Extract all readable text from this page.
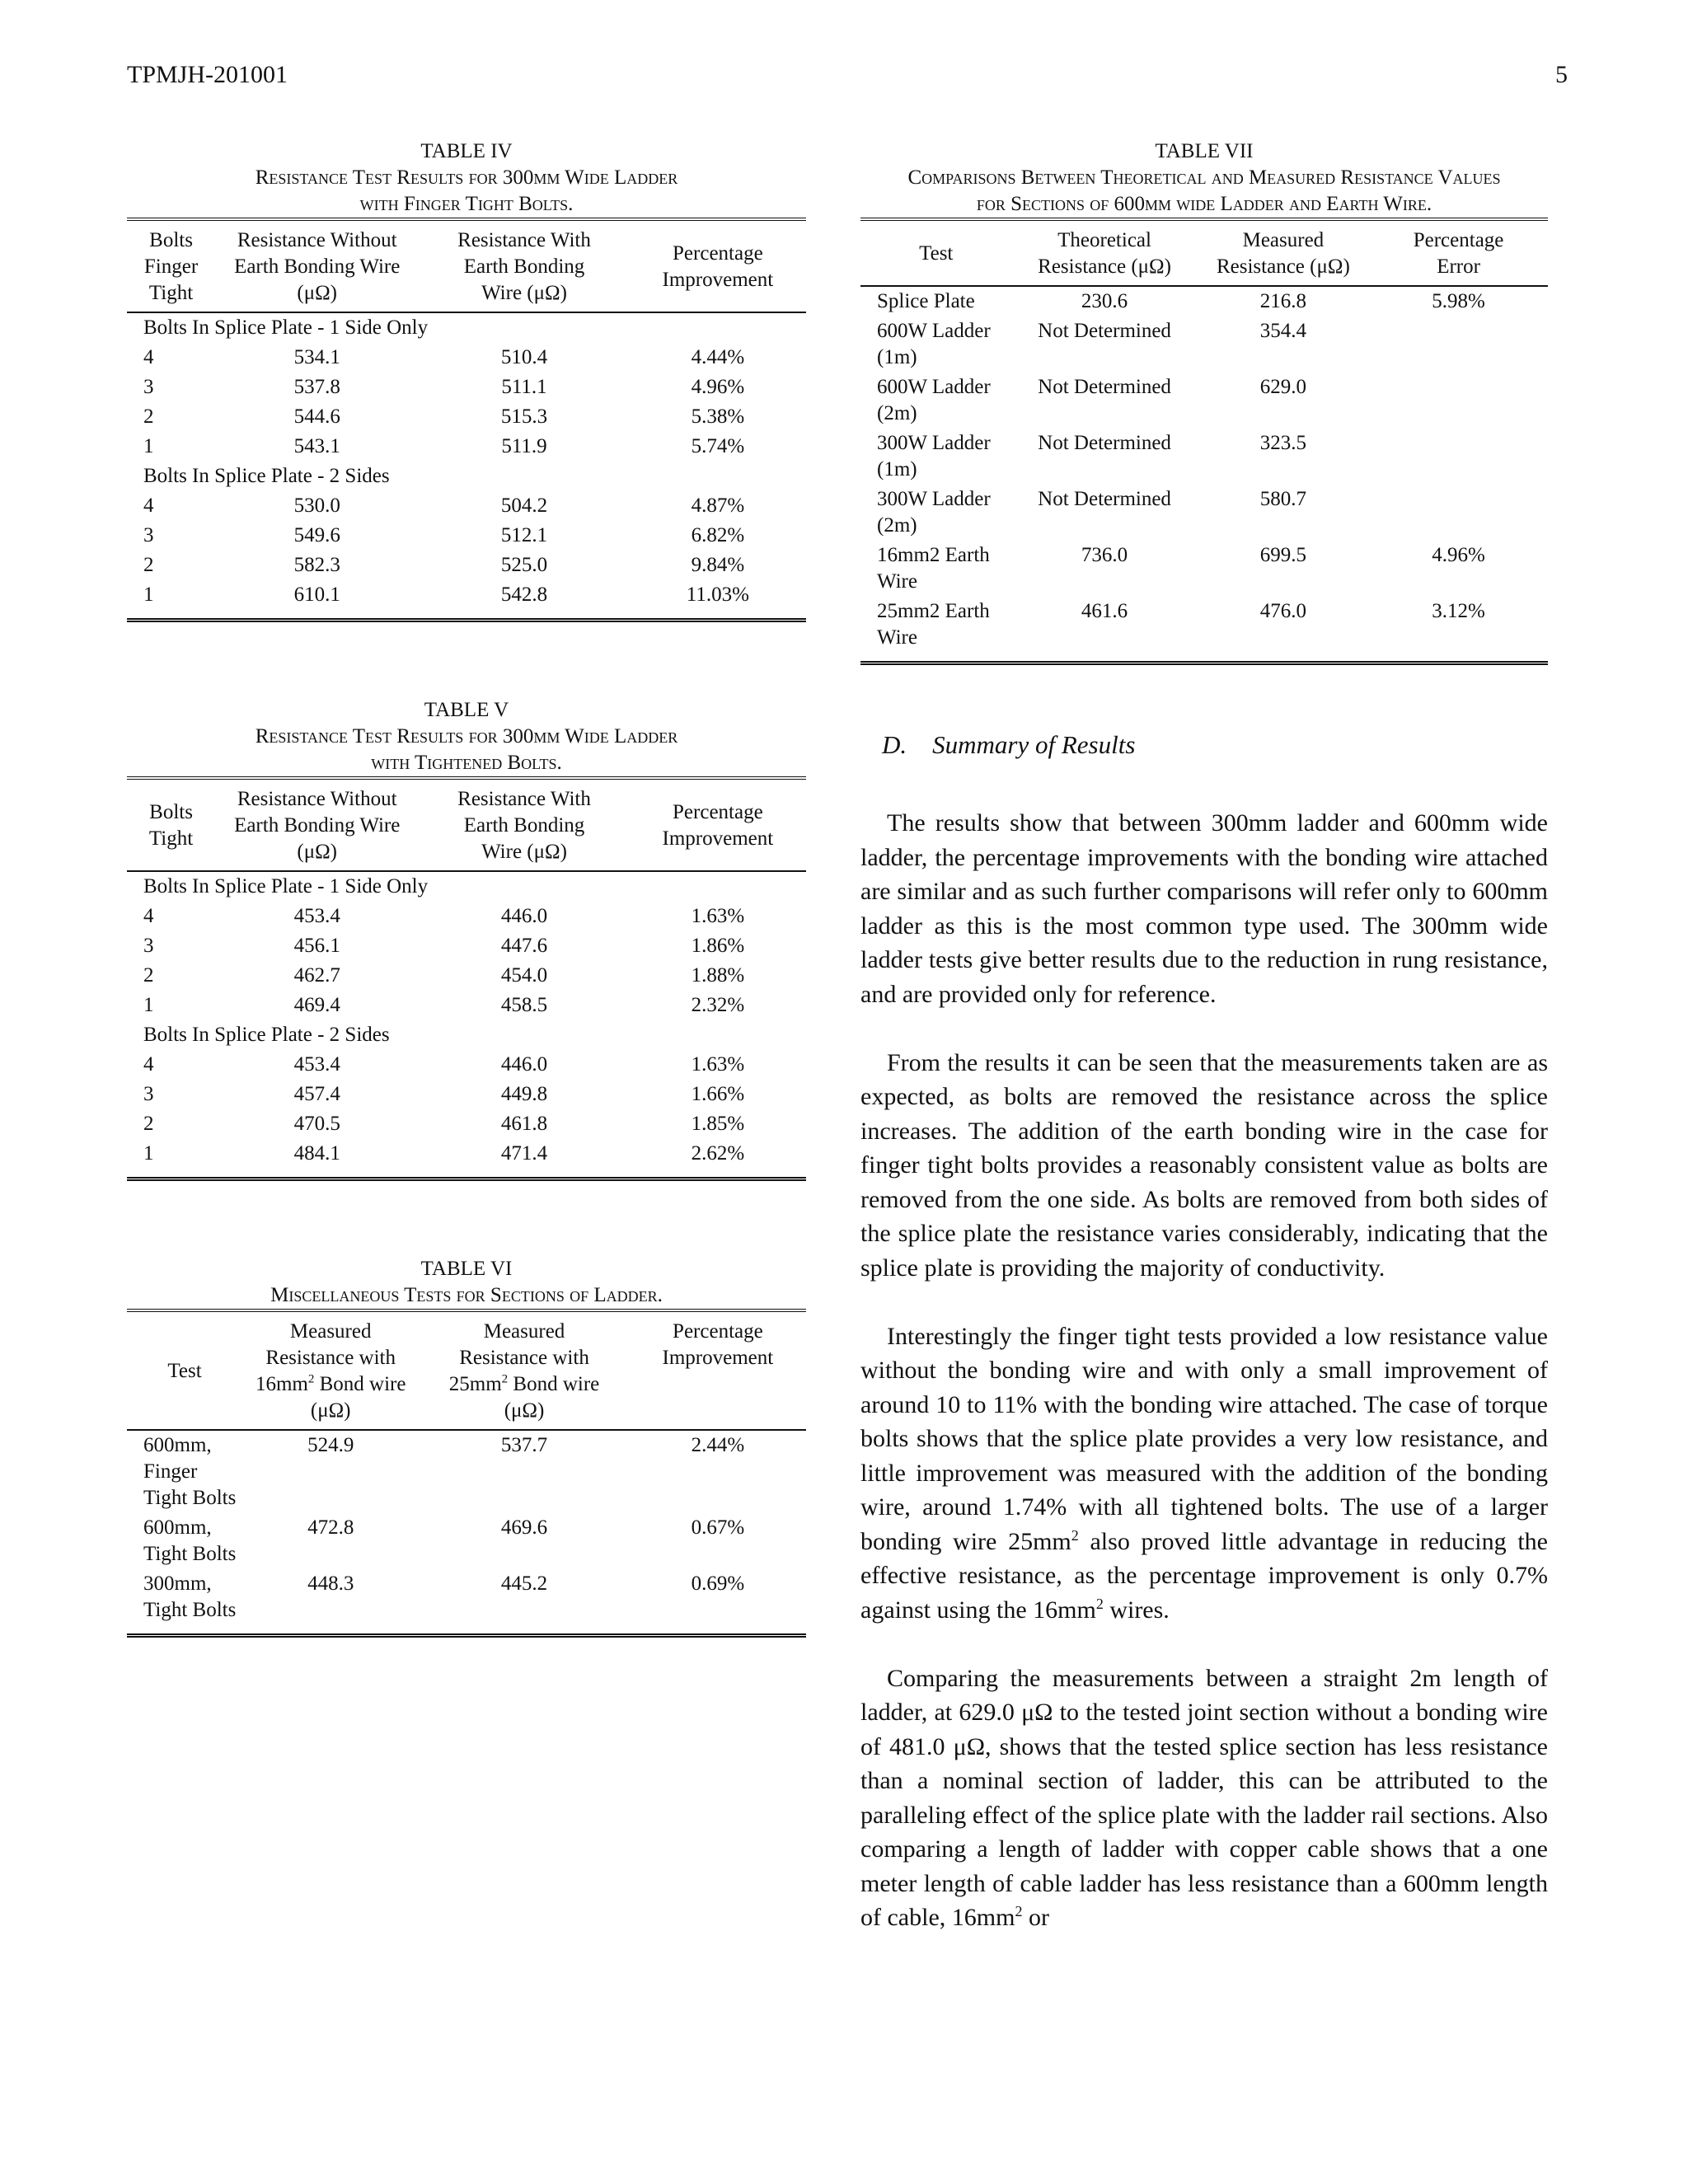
TPMJH-201001	5
TABLE IV
Resistance Test Results for 300mm Wide Ladder
with Finger Tight Bolts.
Bolts
Finger
Tight	Resistance Without
Earth Bonding Wire
(μΩ)	Resistance With
Earth Bonding
Wire (μΩ)	Percentage
Improvement
Bolts In Splice Plate - 1 Side Only			
4	534.1	510.4	4.44%
3	537.8	511.1	4.96%
2	544.6	515.3	5.38%
1	543.1	511.9	5.74%
Bolts In Splice Plate - 2 Sides			
4	530.0	504.2	4.87%
3	549.6	512.1	6.82%
2	582.3	525.0	9.84%
1	610.1	542.8	11.03%
TABLE V
Resistance Test Results for 300mm Wide Ladder
with Tightened Bolts.
Bolts
Tight	Resistance Without
Earth Bonding Wire
(μΩ)	Resistance With
Earth Bonding
Wire (μΩ)	Percentage
Improvement
Bolts In Splice Plate - 1 Side Only			
4	453.4	446.0	1.63%
3	456.1	447.6	1.86%
2	462.7	454.0	1.88%
1	469.4	458.5	2.32%
Bolts In Splice Plate - 2 Sides			
4	453.4	446.0	1.63%
3	457.4	449.8	1.66%
2	470.5	461.8	1.85%
1	484.1	471.4	2.62%
TABLE VI
Miscellaneous Tests for Sections of Ladder.
Test	Measured
Resistance with
$16mm^2$ Bond wire
(μΩ)	Measured
Resistance with
$25mm^2$ Bond wire
(μΩ)	Percentage
Improvement
600mm,
Finger
Tight Bolts	524.9	537.7	2.44%
600mm,
Tight Bolts	472.8	469.6	0.67%
300mm,
Tight Bolts	448.3	445.2	0.69%
TABLE VII
Comparisons Between Theoretical and Measured Resistance Values
for Sections of 600mm wide Ladder and Earth Wire.
Test	Theoretical
Resistance (μΩ)	Measured
Resistance (μΩ)	Percentage
Error
Splice Plate	230.6	216.8	5.98%
600W Ladder
(1m)	Not Determined	354.4	
600W Ladder
(2m)	Not Determined	629.0	
300W Ladder
(1m)	Not Determined	323.5	
300W Ladder
(2m)	Not Determined	580.7	
16mm2 Earth
Wire	736.0	699.5	4.96%
25mm2 Earth
Wire	461.6	476.0	3.12%
D. Summary of Results

The results show that between 300mm ladder and 600mm wide ladder, the percentage improvements with the bonding wire attached are similar and as such further comparisons will refer only to 600mm ladder as this is the most common type used. The 300mm wide ladder tests give better results due to the reduction in rung resistance, and are provided only for reference.

From the results it can be seen that the measurements taken are as expected, as bolts are removed the resistance across the splice increases. The addition of the earth bonding wire in the case for finger tight bolts provides a reasonably consistent value as bolts are removed from the one side. As bolts are removed from both sides of the splice plate the resistance varies considerably, indicating that the splice plate is providing the majority of conductivity.

Interestingly the finger tight tests provided a low resistance value without the bonding wire and with only a small improvement of around 10 to 11% with the bonding wire attached. The case of torque bolts shows that the splice plate provides a very low resistance, and little improvement was measured with the addition of the bonding wire, around 1.74% with all tightened bolts. The use of a larger bonding wire $25mm^2$ also proved little advantage in reducing the effective resistance, as the percentage improvement is only 0.7% against using the $16mm^2$ wires.

Comparing the measurements between a straight 2m length of ladder, at 629.0 μΩ to the tested joint section without a bonding wire of 481.0 μΩ, shows that the tested splice section has less resistance than a nominal section of ladder, this can be attributed to the paralleling effect of the splice plate with the ladder rail sections. Also comparing a length of ladder with copper cable shows that a one meter length of cable ladder has less resistance than a 600mm length of cable, $16mm^2$ or
